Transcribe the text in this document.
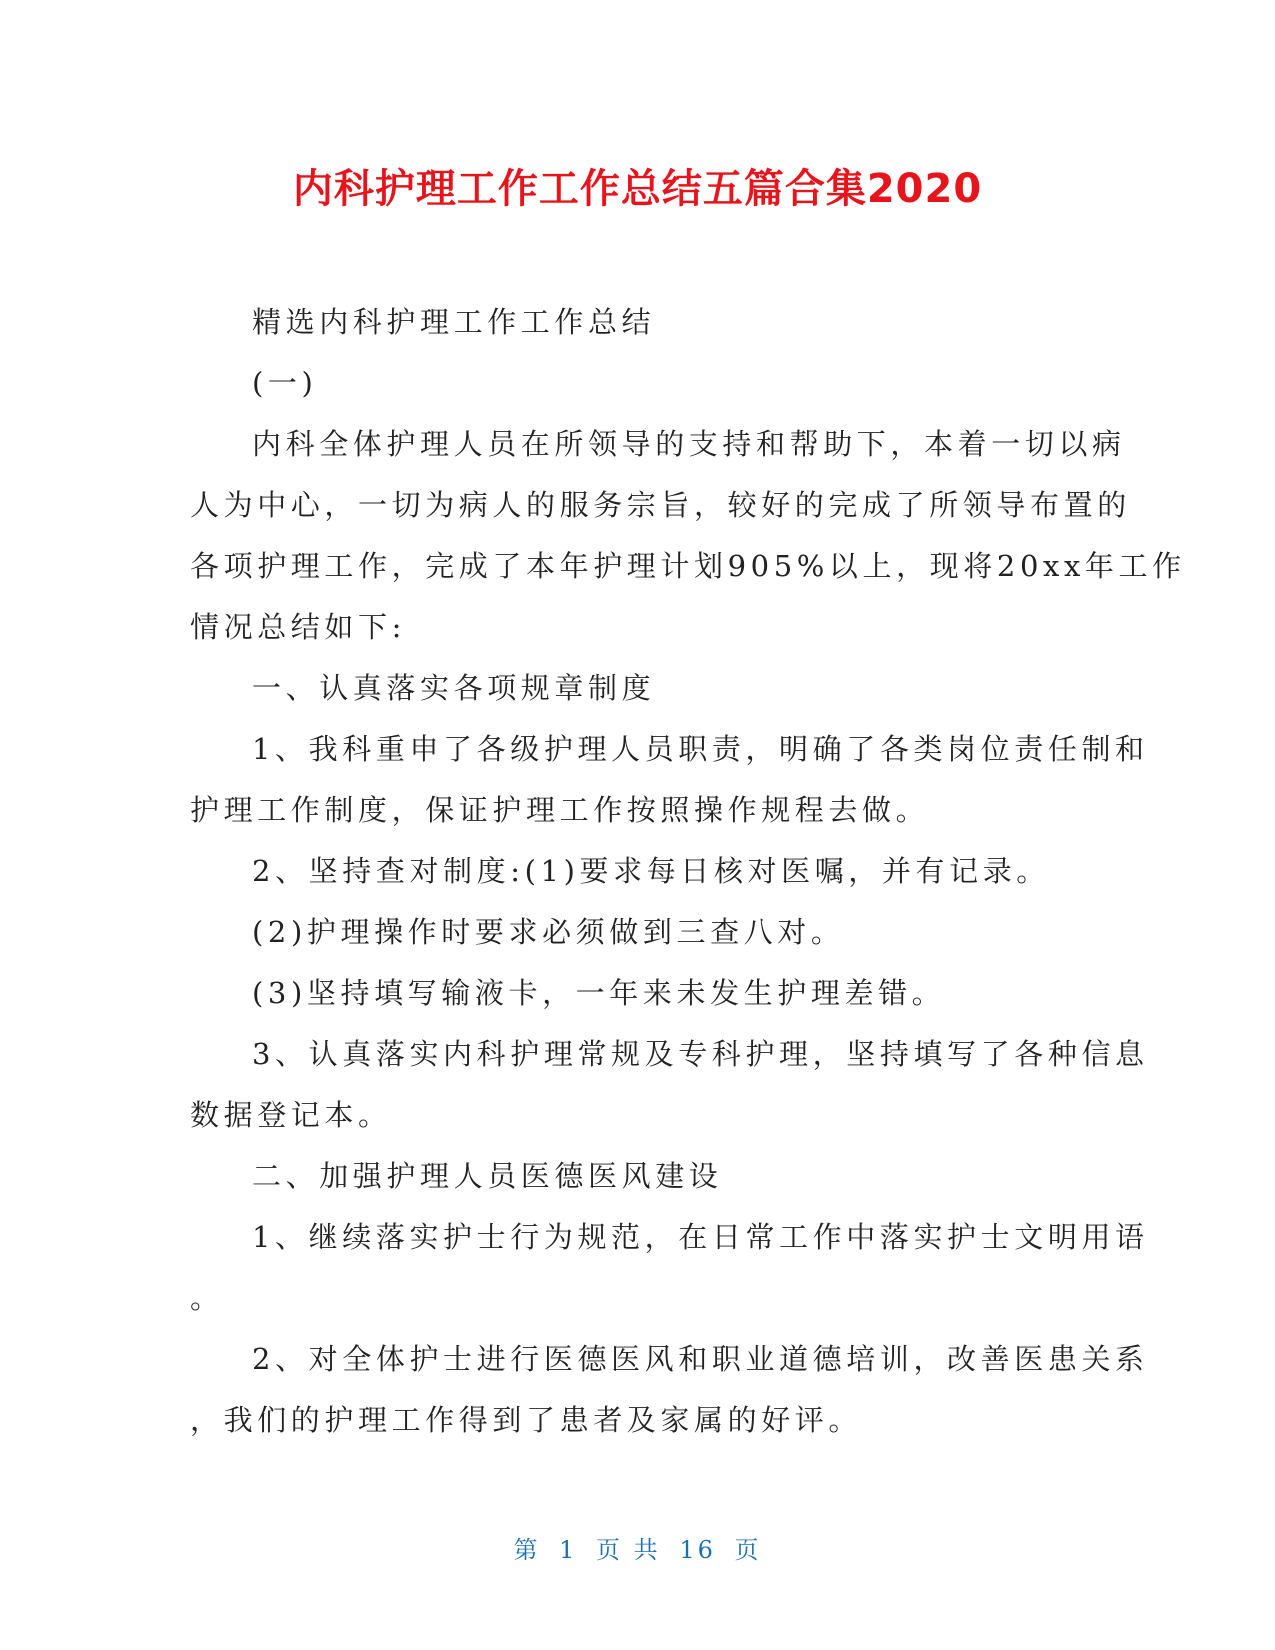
内科护理工作工作总结五篇合集2020
精选内科护理工作工作总结
(一)
内科全体护理人员在所领导的支持和帮助下，本着一切以病
人为中心，一切为病人的服务宗旨，较好的完成了所领导布置的
各项护理工作，完成了本年护理计划905%以上，现将20xx年工作
情况总结如下:
一、认真落实各项规章制度
1、我科重申了各级护理人员职责，明确了各类岗位责任制和
护理工作制度，保证护理工作按照操作规程去做。
2、坚持查对制度:(1)要求每日核对医嘱，并有记录。
(2)护理操作时要求必须做到三查八对。
(3)坚持填写输液卡，一年来未发生护理差错。
3、认真落实内科护理常规及专科护理，坚持填写了各种信息
数据登记本。
二、加强护理人员医德医风建设
1、继续落实护士行为规范，在日常工作中落实护士文明用语
。
2、对全体护士进行医德医风和职业道德培训，改善医患关系
，我们的护理工作得到了患者及家属的好评。
第 1 页 共 16 页
